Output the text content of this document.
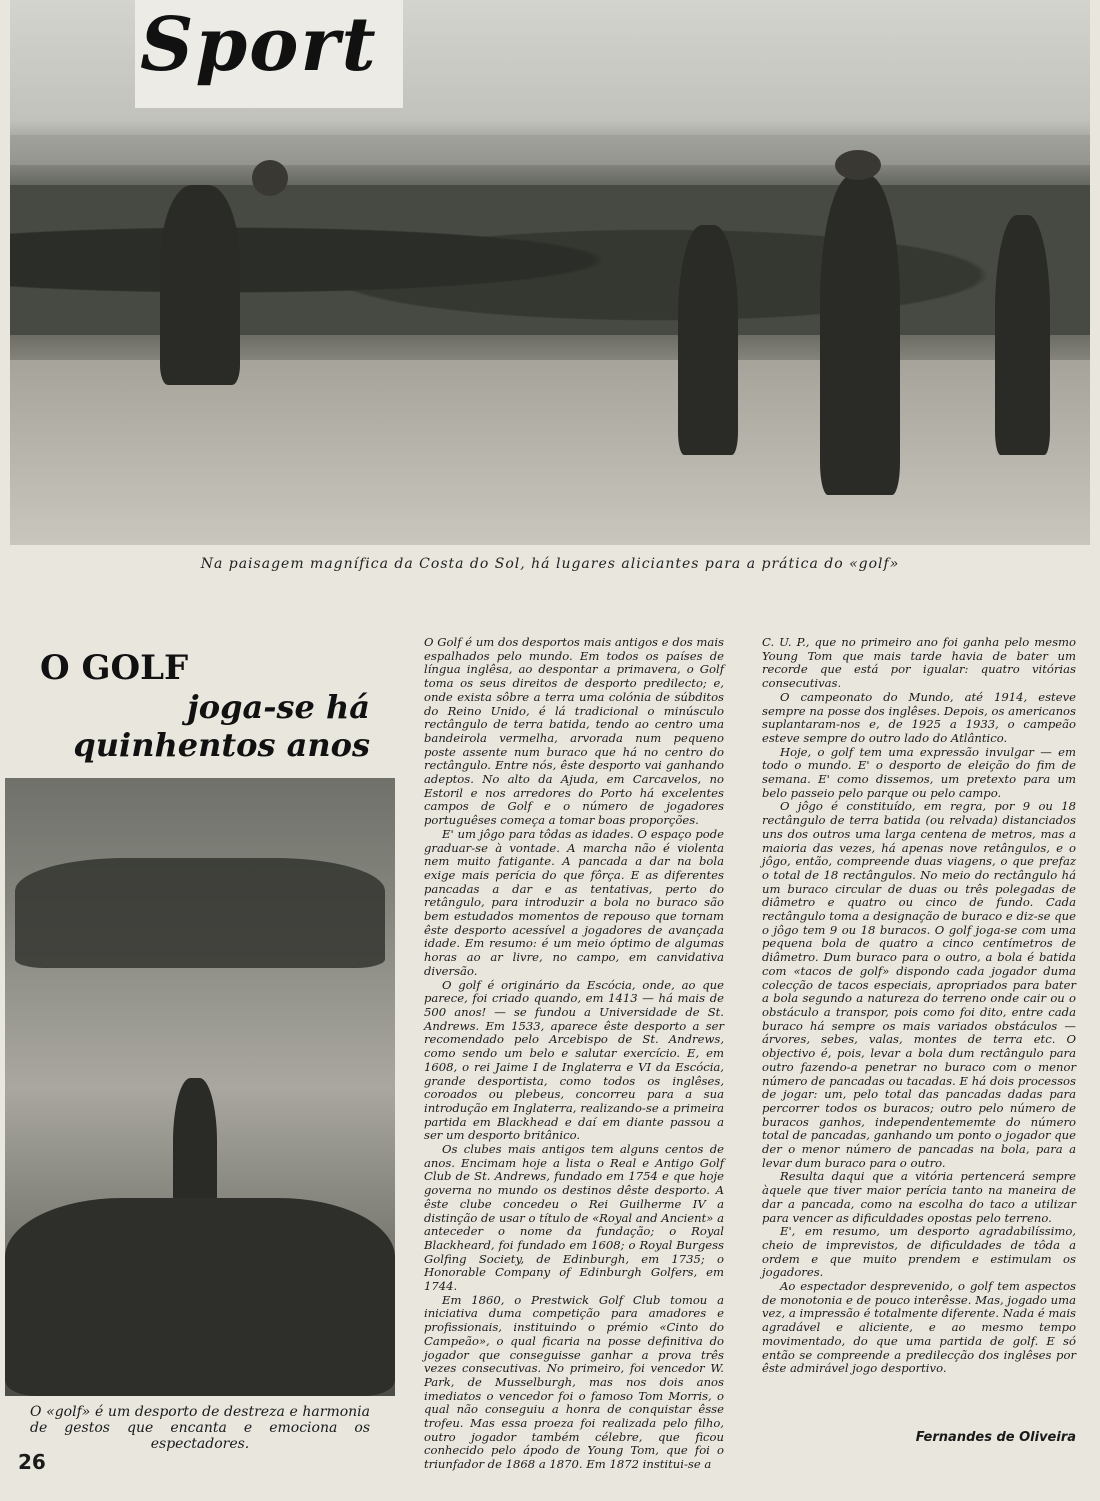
Sport

Na paisagem magnífica da Costa do Sol, há lugares aliciantes para a prática do «golf»

O GOLF
joga-se há
quinhentos anos

O «golf» é um desporto de destreza e harmonia de gestos que encanta e emociona os espectadores.

O Golf é um dos desportos mais antigos e dos mais espalhados pelo mundo. Em todos os países de língua inglêsa, ao despontar a primavera, o Golf toma os seus direitos de desporto predilecto; e, onde exista sôbre a terra uma colónia de súbditos do Reino Unido, é lá tradicional o minúsculo rectângulo de terra batida, tendo ao centro uma bandeirola vermelha, arvorada num pequeno poste assente num buraco que há no centro do rectângulo. Entre nós, êste desporto vai ganhando adeptos. No alto da Ajuda, em Carcavelos, no Estoril e nos arredores do Porto há excelentes campos de Golf e o número de jogadores portuguêses começa a tomar boas proporções.

E' um jôgo para tôdas as idades. O espaço pode graduar-se à vontade. A marcha não é violenta nem muito fatigante. A pancada a dar na bola exige mais perícia do que fôrça. E as diferentes pancadas a dar e as tentativas, perto do retângulo, para introduzir a bola no buraco são bem estudados momentos de repouso que tornam êste desporto acessível a jogadores de avançada idade. Em resumo: é um meio óptimo de algumas horas ao ar livre, no campo, em canvidativa diversão.

O golf é originário da Escócia, onde, ao que parece, foi criado quando, em 1413 — há mais de 500 anos! — se fundou a Universidade de St. Andrews. Em 1533, aparece êste desporto a ser recomendado pelo Arcebispo de St. Andrews, como sendo um belo e salutar exercício. E, em 1608, o rei Jaime I de Inglaterra e VI da Escócia, grande desportista, como todos os inglêses, coroados ou plebeus, concorreu para a sua introdução em Inglaterra, realizando-se a primeira partida em Blackhead e daí em diante passou a ser um desporto britânico.

Os clubes mais antigos tem alguns centos de anos. Encimam hoje a lista o Real e Antigo Golf Club de St. Andrews, fundado em 1754 e que hoje governa no mundo os destinos dêste desporto. A êste clube concedeu o Rei Guilherme IV a distinção de usar o título de «Royal and Ancient» a anteceder o nome da fundação; o Royal Blackheard, foi fundado em 1608; o Royal Burgess Golfing Society, de Edinburgh, em 1735; o Honorable Company of Edinburgh Golfers, em 1744.

Em 1860, o Prestwick Golf Club tomou a iniciativa duma competição para amadores e profissionais, instituindo o prémio «Cinto do Campeão», o qual ficaria na posse definitiva do jogador que conseguisse ganhar a prova três vezes consecutivas. No primeiro, foi vencedor W. Park, de Musselburgh, mas nos dois anos imediatos o vencedor foi o famoso Tom Morris, o qual não conseguiu a honra de conquistar êsse trofeu. Mas essa proeza foi realizada pelo filho, outro jogador também célebre, que ficou conhecido pelo ápodo de Young Tom, que foi o triunfador de 1868 a 1870. Em 1872 institui-se a

C. U. P., que no primeiro ano foi ganha pelo mesmo Young Tom que mais tarde havia de bater um recorde que está por igualar: quatro vitórias consecutivas.

O campeonato do Mundo, até 1914, esteve sempre na posse dos inglêses. Depois, os americanos suplantaram-nos e, de 1925 a 1933, o campeão esteve sempre do outro lado do Atlântico.

Hoje, o golf tem uma expressão invulgar — em todo o mundo. E' o desporto de eleição do fim de semana. E' como dissemos, um pretexto para um belo passeio pelo parque ou pelo campo.

O jôgo é constituído, em regra, por 9 ou 18 rectângulo de terra batida (ou relvada) distanciados uns dos outros uma larga centena de metros, mas a maioria das vezes, há apenas nove retângulos, e o jôgo, então, compreende duas viagens, o que prefaz o total de 18 rectângulos. No meio do rectângulo há um buraco circular de duas ou três polegadas de diâmetro e quatro ou cinco de fundo. Cada rectângulo toma a designação de buraco e diz-se que o jôgo tem 9 ou 18 buracos. O golf joga-se com uma pequena bola de quatro a cinco centímetros de diâmetro. Dum buraco para o outro, a bola é batida com «tacos de golf» dispondo cada jogador duma colecção de tacos especiais, apropriados para bater a bola segundo a natureza do terreno onde cair ou o obstáculo a transpor, pois como foi dito, entre cada buraco há sempre os mais variados obstáculos — árvores, sebes, valas, montes de terra etc. O objectivo é, pois, levar a bola dum rectângulo para outro fazendo-a penetrar no buraco com o menor número de pancadas ou tacadas. E há dois processos de jogar: um, pelo total das pancadas dadas para percorrer todos os buracos; outro pelo número de buracos ganhos, independentememte do número total de pancadas, ganhando um ponto o jogador que der o menor número de pancadas na bola, para a levar dum buraco para o outro.

Resulta daqui que a vitória pertencerá sempre àquele que tiver maior perícia tanto na maneira de dar a pancada, como na escolha do taco a utilizar para vencer as dificuldades opostas pelo terreno.

E', em resumo, um desporto agradabilíssimo, cheio de imprevistos, de dificuldades de tôda a ordem e que muito prendem e estimulam os jogadores.

Ao espectador desprevenido, o golf tem aspectos de monotonia e de pouco interêsse. Mas, jogado uma vez, a impressão é totalmente diferente. Nada é mais agradável e aliciente, e ao mesmo tempo movimentado, do que uma partida de golf. E só então se compreende a predilecção dos inglêses por êste admirável jogo desportivo.

Fernandes de Oliveira

26
